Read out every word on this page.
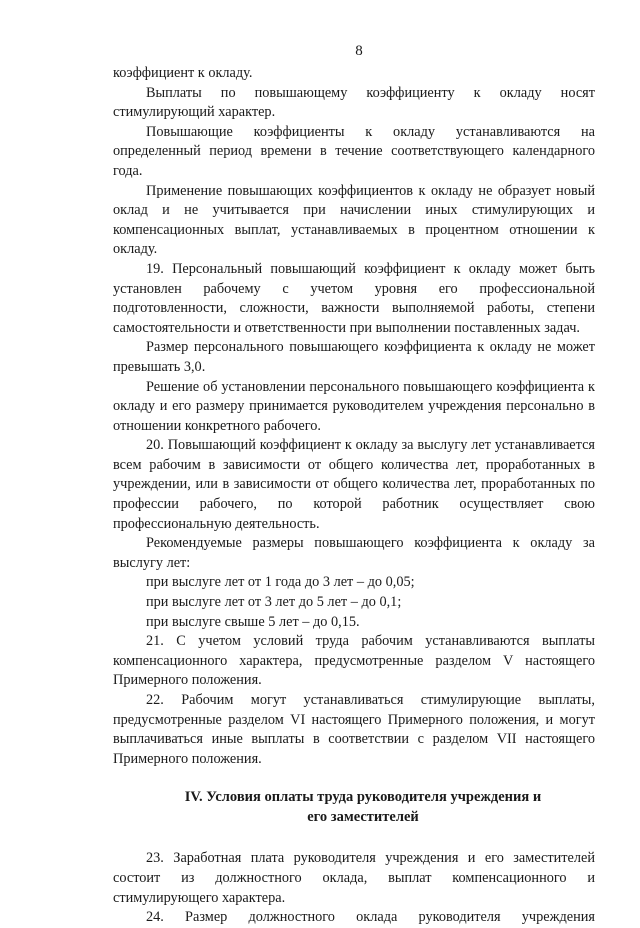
8

коэффициент к окладу.

Выплаты по повышающему коэффициенту к окладу носят стимулирующий характер.

Повышающие коэффициенты к окладу устанавливаются на определенный период времени в течение соответствующего календарного года.

Применение повышающих коэффициентов к окладу не образует новый оклад и не учитывается при начислении иных стимулирующих и компенсационных выплат, устанавливаемых в процентном отношении к окладу.

19. Персональный повышающий коэффициент к окладу может быть установлен рабочему с учетом уровня его профессиональной подготовленности, сложности, важности выполняемой работы, степени самостоятельности и ответственности при выполнении поставленных задач.

Размер персонального повышающего коэффициента к окладу не может превышать 3,0.

Решение об установлении персонального повышающего коэффициента к окладу и его размеру принимается руководителем учреждения персонально в отношении конкретного рабочего.

20. Повышающий коэффициент к окладу за выслугу лет устанавливается всем рабочим в зависимости от общего количества лет, проработанных в учреждении, или в зависимости от общего количества лет, проработанных по профессии рабочего, по которой работник осуществляет свою профессиональную деятельность.

Рекомендуемые размеры повышающего коэффициента к окладу за выслугу лет:

при выслуге лет от 1 года до 3 лет – до 0,05;

при выслуге лет от 3 лет до 5 лет – до 0,1;

при выслуге свыше 5 лет – до 0,15.

21. С учетом условий труда рабочим устанавливаются выплаты компенсационного характера, предусмотренные разделом V настоящего Примерного положения.

22. Рабочим могут устанавливаться стимулирующие выплаты, предусмотренные разделом VI настоящего Примерного положения, и могут выплачиваться иные выплаты в соответствии с разделом VII настоящего Примерного положения.

IV. Условия оплаты труда руководителя учреждения и
его заместителей

23. Заработная плата руководителя учреждения и его заместителей состоит из должностного оклада, выплат компенсационного и стимулирующего характера.

24. Размер должностного оклада руководителя учреждения
